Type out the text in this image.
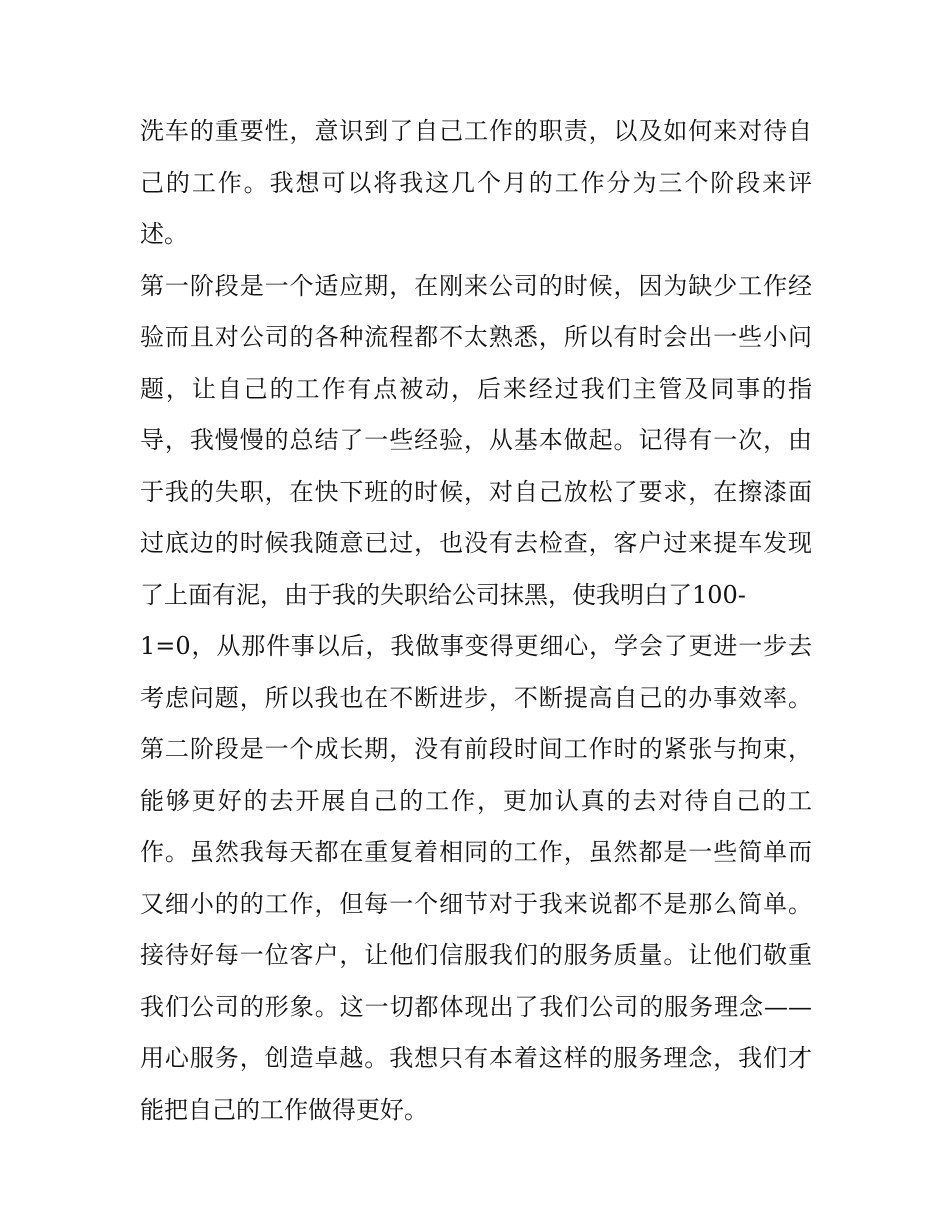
洗车的重要性，意识到了自己工作的职责，以及如何来对待自
己的工作。我想可以将我这几个月的工作分为三个阶段来评
述。
第一阶段是一个适应期，在刚来公司的时候，因为缺少工作经
验而且对公司的各种流程都不太熟悉，所以有时会出一些小问
题，让自己的工作有点被动，后来经过我们主管及同事的指
导，我慢慢的总结了一些经验，从基本做起。记得有一次，由
于我的失职，在快下班的时候，对自己放松了要求，在擦漆面
过底边的时候我随意已过，也没有去检查，客户过来提车发现
了上面有泥，由于我的失职给公司抹黑，使我明白了100-
1=0，从那件事以后，我做事变得更细心，学会了更进一步去
考虑问题，所以我也在不断进步，不断提高自己的办事效率。
第二阶段是一个成长期，没有前段时间工作时的紧张与拘束，
能够更好的去开展自己的工作，更加认真的去对待自己的工
作。虽然我每天都在重复着相同的工作，虽然都是一些简单而
又细小的的工作，但每一个细节对于我来说都不是那么简单。
接待好每一位客户，让他们信服我们的服务质量。让他们敬重
我们公司的形象。这一切都体现出了我们公司的服务理念——
用心服务，创造卓越。我想只有本着这样的服务理念，我们才
能把自己的工作做得更好。
